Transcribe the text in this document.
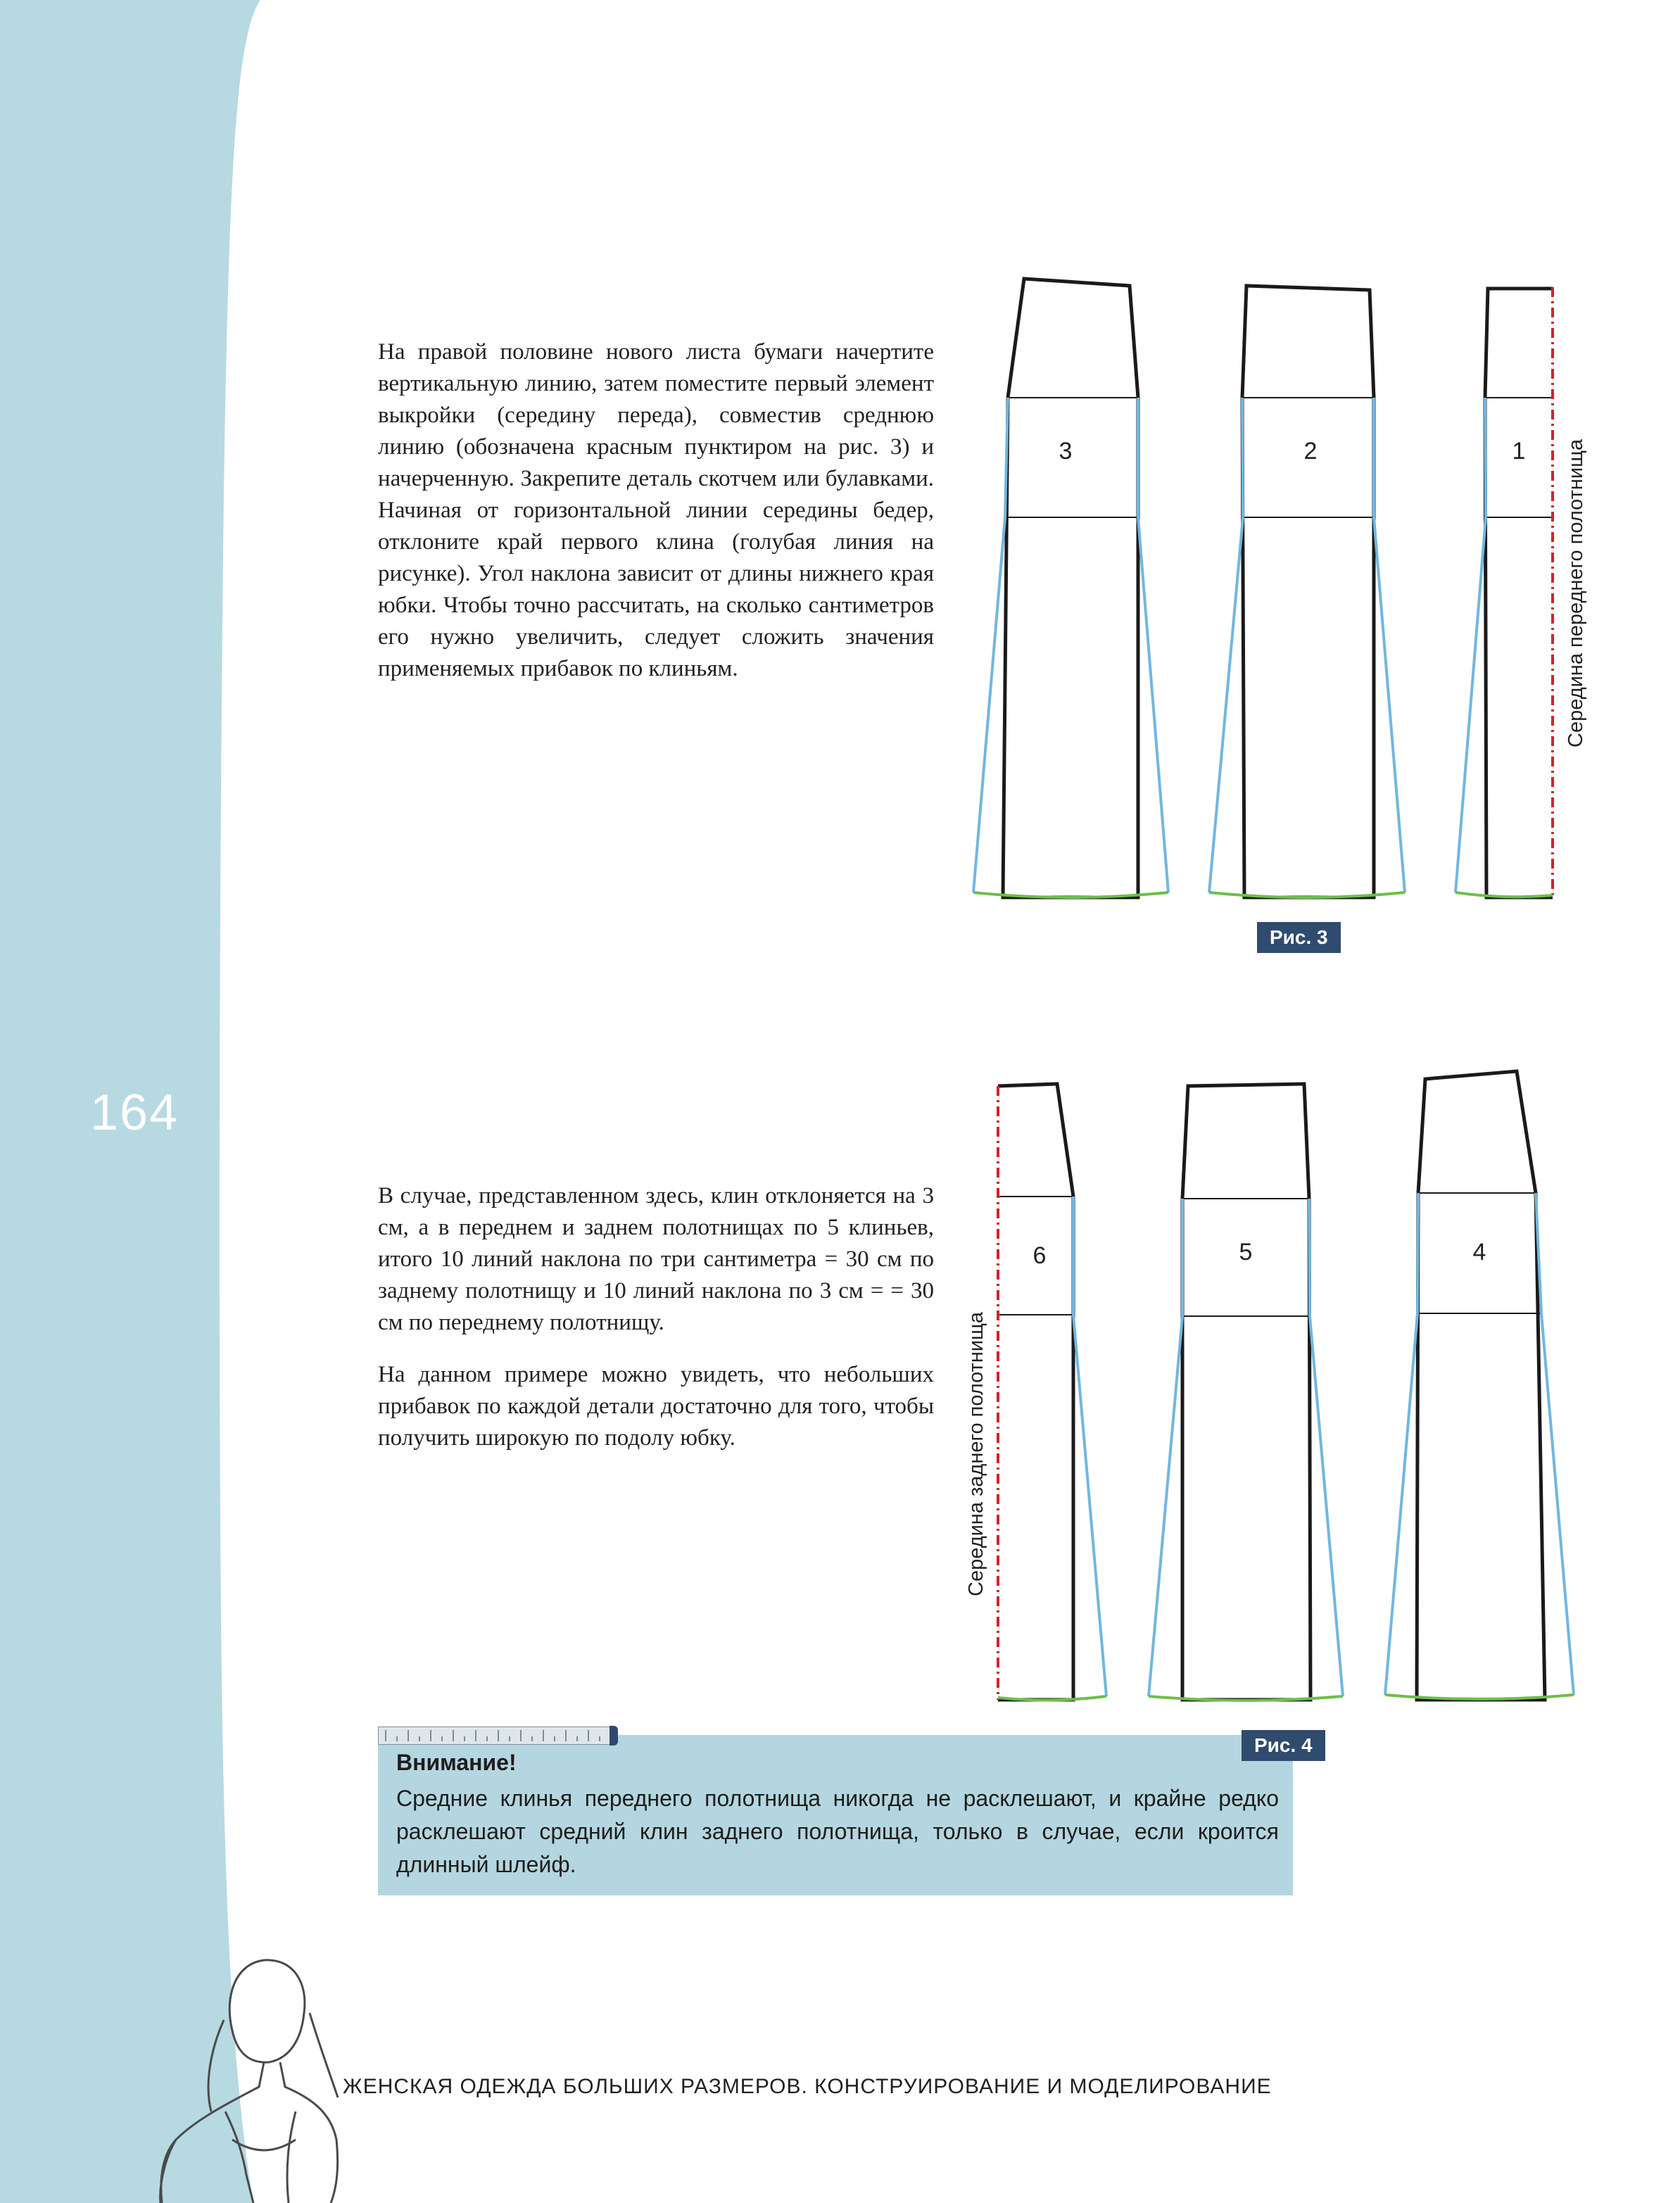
164

На правой половине нового листа бумаги начертите вертикальную линию, затем поместите первый элемент выкройки (середину переда), совместив среднюю линию (обозначена красным пунктиром на рис. 3) и начерченную. Закрепите деталь скотчем или булавками. Начиная от горизонтальной линии середины бедер, отклоните край первого клина (голубая линия на рисунке). Угол наклона зависит от длины нижнего края юбки. Чтобы точно рассчитать, на сколько сантиметров его нужно увеличить, следует сложить значения применяемых прибавок по клиньям.

В случае, представленном здесь, клин отклоняется на 3 см, а в переднем и заднем полотнищах по 5 клиньев, итого 10 линий наклона по три сантиметра = 30 см по заднему полотнищу и 10 линий наклона по 3 см = = 30 см по переднему полотнищу.

На данном примере можно увидеть, что небольших прибавок по каждой детали достаточно для того, чтобы получить широкую по подолу юбку.

3	2	1 Середина переднего полотнища
Рис. 3
6	5	4
Середина заднего полотнища
Рис. 4
Внимание!

Средние клинья переднего полотнища никогда не расклешают, и крайне редко расклешают средний клин заднего полотнища, только в случае, если кроится длинный шлейф.

ЖЕНСКАЯ ОДЕЖДА БОЛЬШИХ РАЗМЕРОВ. КОНСТРУИРОВАНИЕ И МОДЕЛИРОВАНИЕ
